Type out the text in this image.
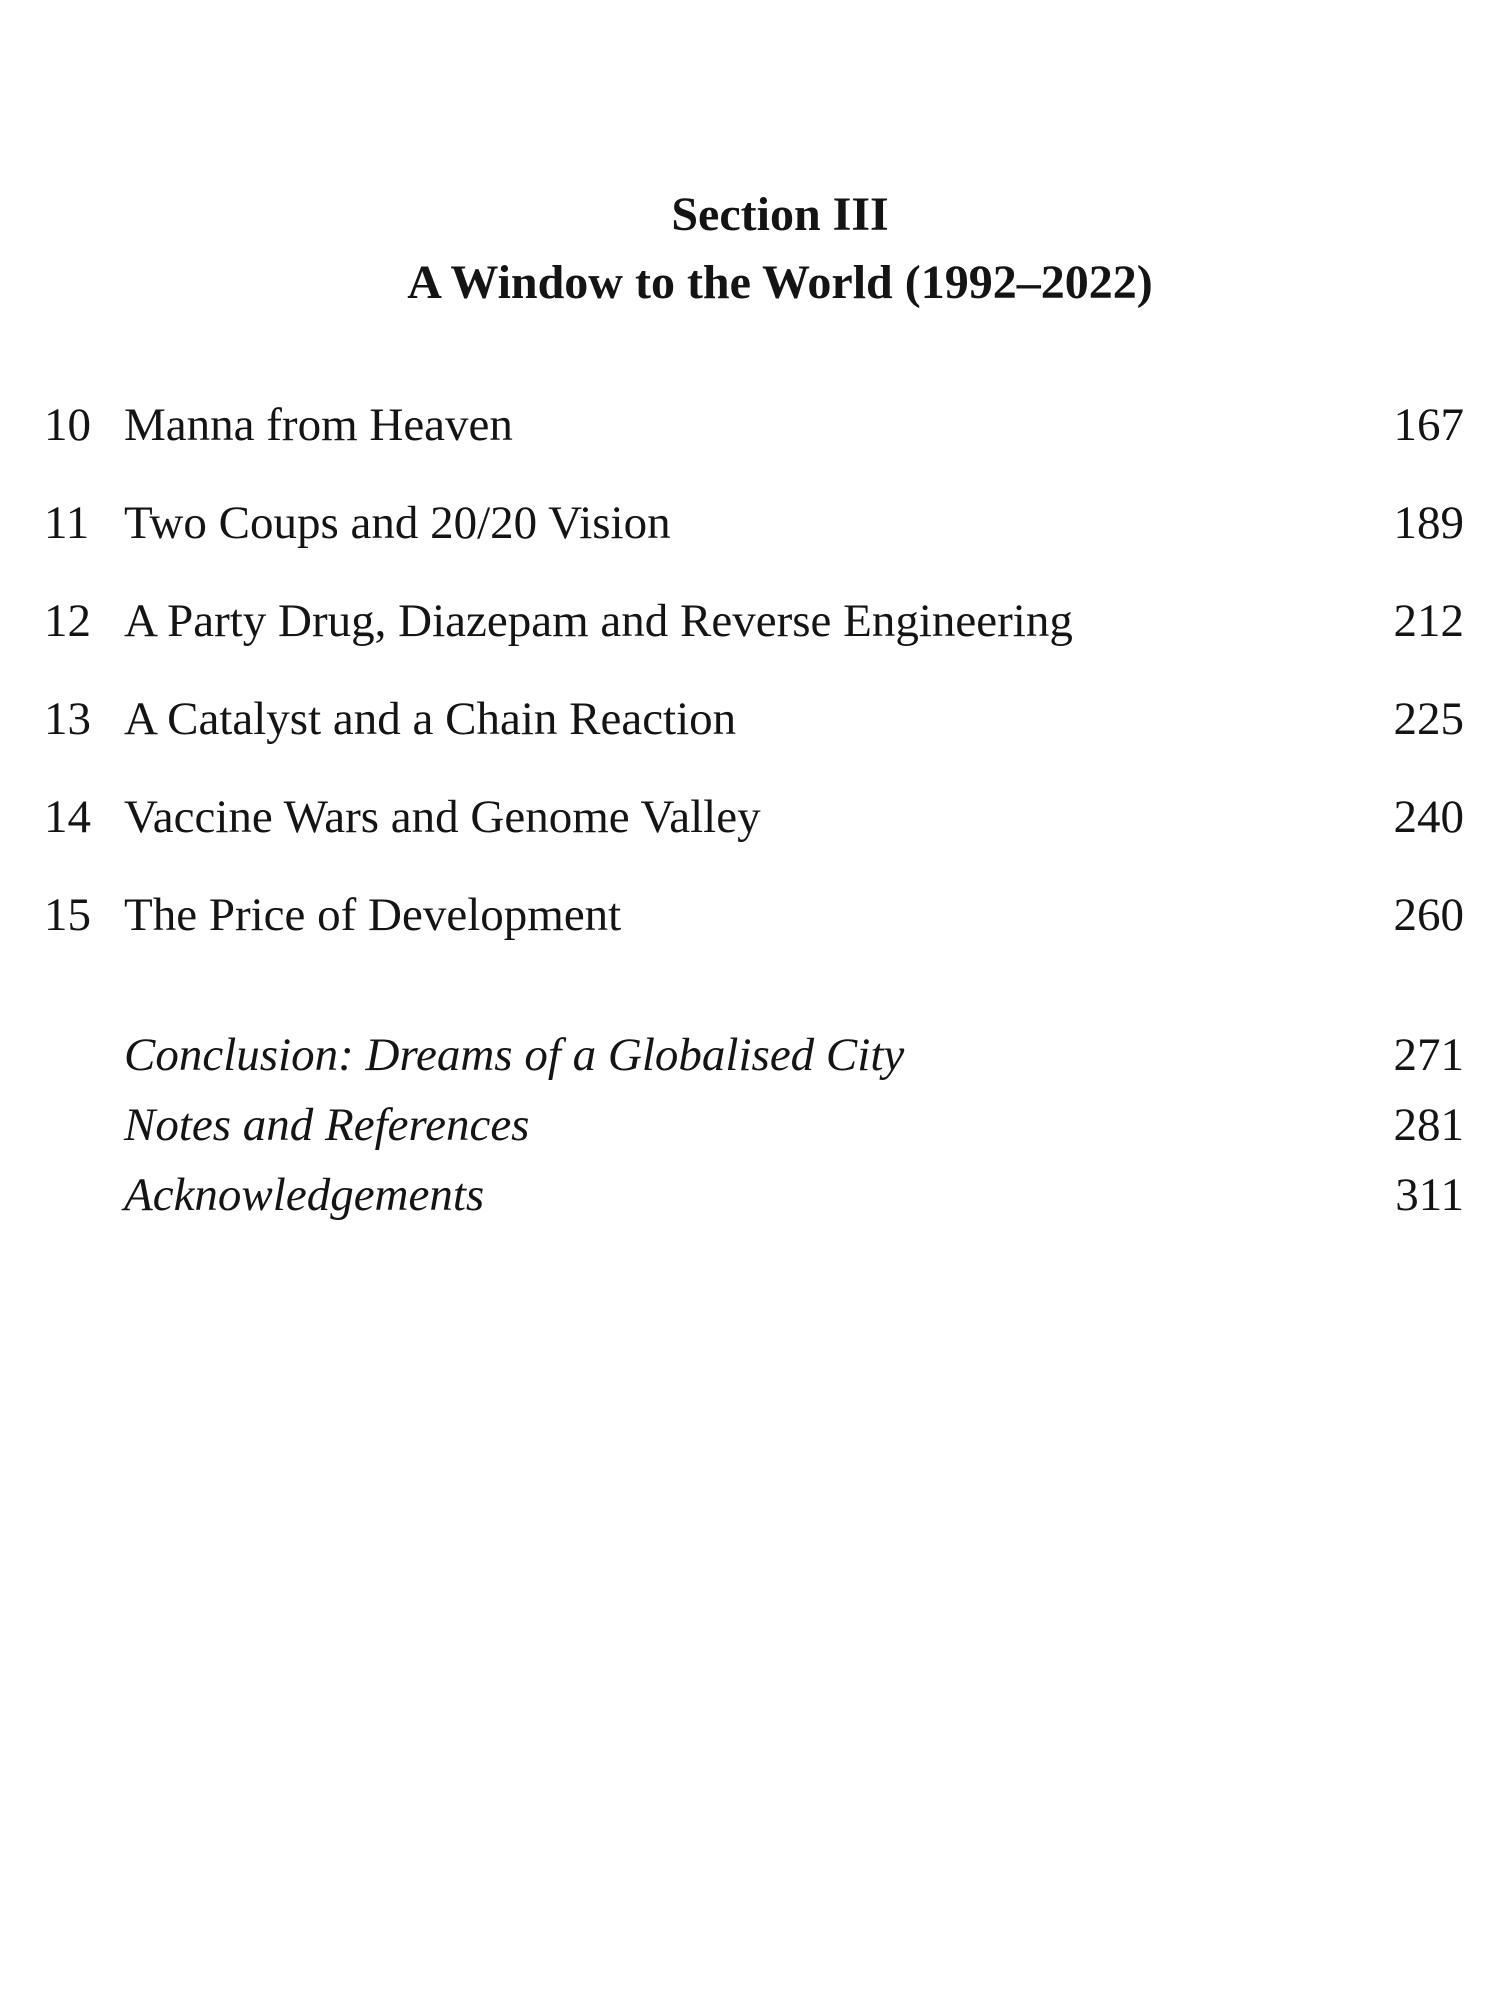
Section III
A Window to the World (1992–2022)
10 Manna from Heaven	167
11 Two Coups and 20/20 Vision	189
12 A Party Drug, Diazepam and Reverse Engineering	212
13 A Catalyst and a Chain Reaction	225
14 Vaccine Wars and Genome Valley	240
15 The Price of Development	260
Conclusion: Dreams of a Globalised City	271
Notes and References	281
Acknowledgements	311
